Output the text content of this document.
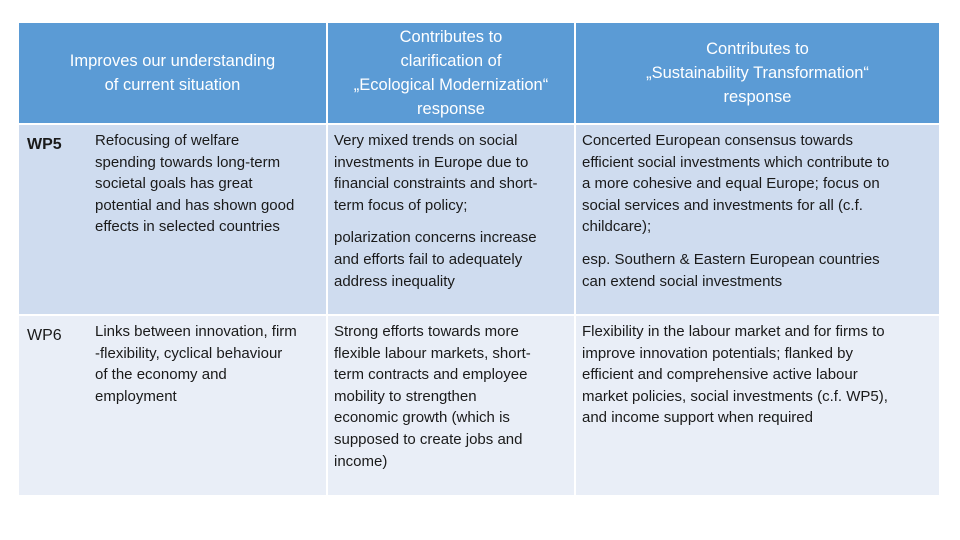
Improves our understanding
of current situation
Contributes to
clarification of
„Ecological Modernization“
response
Contributes to
„Sustainability Transformation“
response
WP5	Refocusing of welfare
spending towards long-term
societal goals has great
potential and has shown good
effects in selected countries
Very mixed trends on social
investments in Europe due to
financial constraints and short-
term focus of policy;
polarization concerns increase
and efforts fail to adequately
address inequality
Concerted European consensus towards
efficient social investments which contribute to
a more cohesive and equal Europe; focus on
social services and investments for all (c.f.
childcare);
esp. Southern & Eastern European countries
can extend social investments
WP6	Links between innovation, firm
-flexibility, cyclical behaviour
of the economy and
employment
Strong efforts towards more
flexible labour markets, short-
term contracts and employee
mobility to strengthen
economic growth (which is
supposed to create jobs and
income)
Flexibility in the labour market and for firms to
improve innovation potentials; flanked by
efficient and comprehensive active labour
market policies, social investments (c.f. WP5),
and income support when required
